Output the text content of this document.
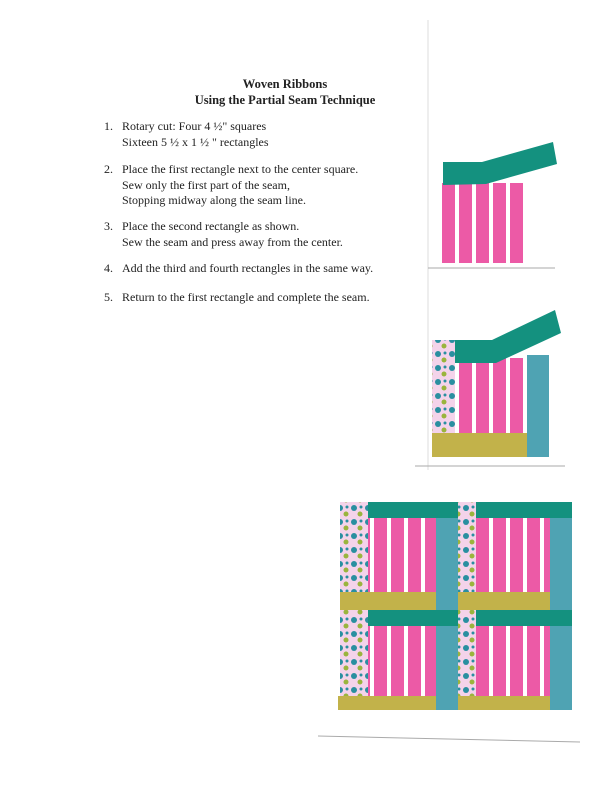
Woven Ribbons
Using the Partial Seam Technique
1. Rotary cut: Four 4 ½" squares
Sixteen 5 ½ x 1 ½ " rectangles
2. Place the first rectangle next to the center square.
Sew only the first part of the seam,
Stopping midway along the seam line.
3. Place the second rectangle as shown.
Sew the seam and press away from the center.
4. Add the third and fourth rectangles in the same way.
5. Return to the first rectangle and complete the seam.
